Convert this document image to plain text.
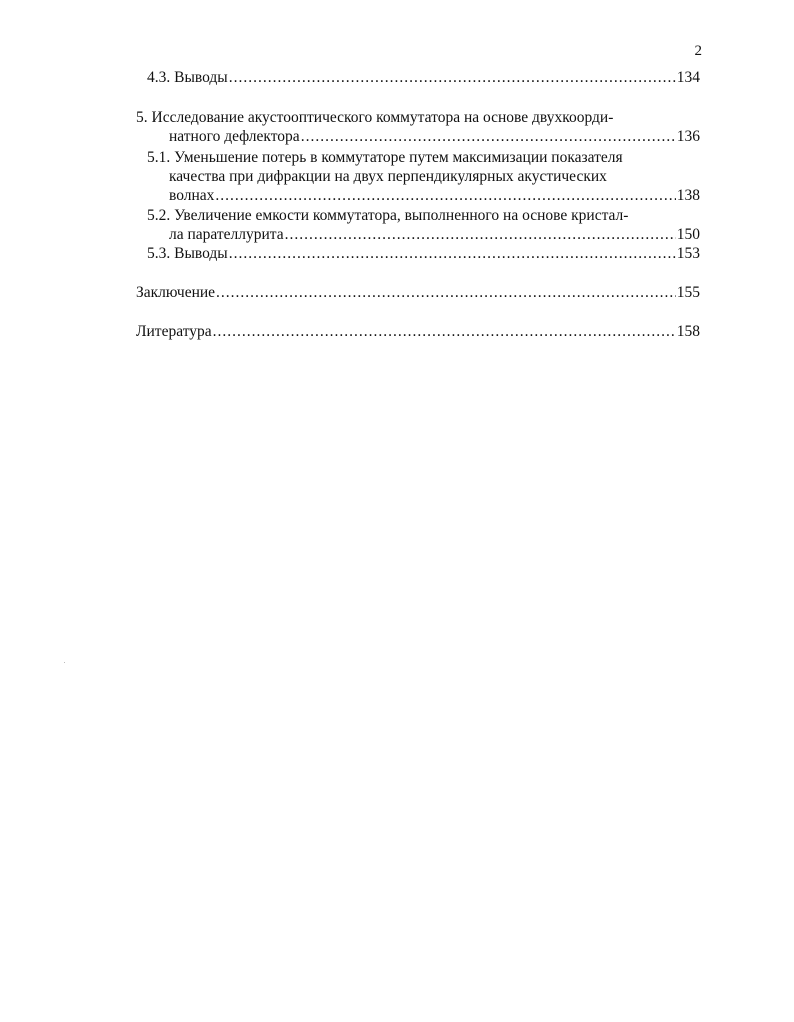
2
4.3. Выводы .....	134
5. Исследование акустооптического коммутатора на основе двухкоорди-
натного дефлектора .....	136
5.1. Уменьшение потерь в коммутаторе путем максимизации показателя
качества при дифракции на двух перпендикулярных акустических
волнах .....	138
5.2. Увеличение емкости коммутатора, выполненного на основе кристал-
ла парателлурита .....	150
5.3. Выводы .....	153
Заключение .....	155
Литература .....	158
